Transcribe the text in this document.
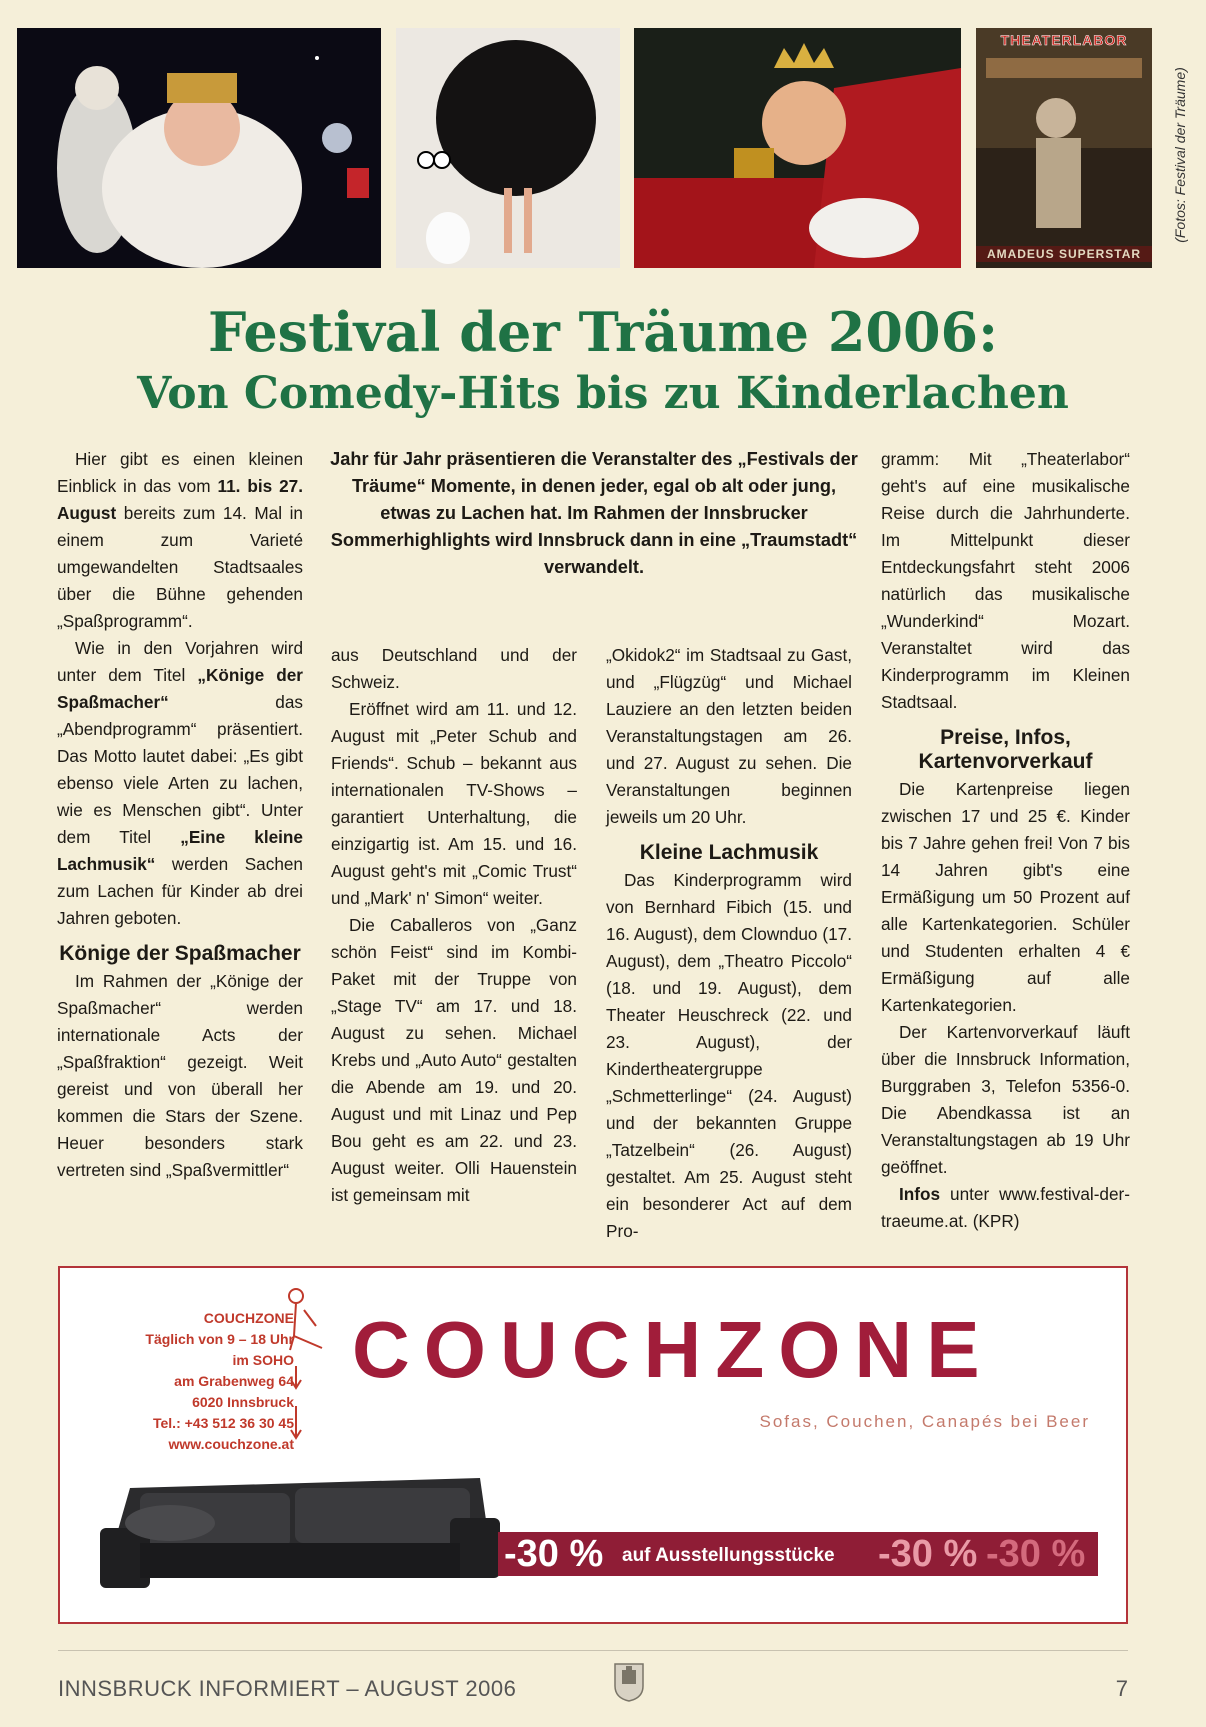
THEATERLABOR
AMADEUS SUPERSTAR
(Fotos: Festival der Träume)
Festival der Träume 2006:
Von Comedy-Hits bis zu Kinderlachen
Jahr für Jahr präsentieren die Veranstalter des „Festivals der Träume“ Momente, in denen jeder, egal ob alt oder jung, etwas zu Lachen hat. Im Rahmen der Innsbrucker Sommerhighlights wird Innsbruck dann in eine „Traumstadt“ verwandelt.

Hier gibt es einen kleinen Einblick in das vom 11. bis 27. August bereits zum 14. Mal in einem zum Varieté umgewandelten Stadtsaales über die Bühne gehenden „Spaßprogramm“.

Wie in den Vorjahren wird unter dem Titel „Könige der Spaßmacher“ das „Abendprogramm“ präsentiert. Das Motto lautet dabei: „Es gibt ebenso viele Arten zu lachen, wie es Menschen gibt“. Unter dem Titel „Eine kleine Lachmusik“ werden Sachen zum Lachen für Kinder ab drei Jahren geboten.

Könige der Spaßmacher

Im Rahmen der „Könige der Spaßmacher“ werden internationale Acts der „Spaßfraktion“ gezeigt. Weit gereist und von überall her kommen die Stars der Szene. Heuer besonders stark vertreten sind „Spaßvermittler“

aus Deutschland und der Schweiz.

Eröffnet wird am 11. und 12. August mit „Peter Schub and Friends“. Schub – bekannt aus internationalen TV-Shows – garantiert Unterhaltung, die einzigartig ist. Am 15. und 16. August geht's mit „Comic Trust“ und „Mark' n' Simon“ weiter.

Die Caballeros von „Ganz schön Feist“ sind im Kombi-Paket mit der Truppe von „Stage TV“ am 17. und 18. August zu sehen. Michael Krebs und „Auto Auto“ gestalten die Abende am 19. und 20. August und mit Linaz und Pep Bou geht es am 22. und 23. August weiter. Olli Hauenstein ist gemeinsam mit

„Okidok2“ im Stadtsaal zu Gast, und „Flügzüg“ und Michael Lauziere an den letzten beiden Veranstaltungstagen am 26. und 27. August zu sehen. Die Veranstaltungen beginnen jeweils um 20 Uhr.

Kleine Lachmusik

Das Kinderprogramm wird von Bernhard Fibich (15. und 16. August), dem Clownduo (17. August), dem „Theatro Piccolo“ (18. und 19. August), dem Theater Heuschreck (22. und 23. August), der Kindertheatergruppe „Schmetterlinge“ (24. August) und der bekannten Gruppe „Tatzelbein“ (26. August) gestaltet. Am 25. August steht ein besonderer Act auf dem Pro-

gramm: Mit „Theaterlabor“ geht's auf eine musikalische Reise durch die Jahrhunderte. Im Mittelpunkt dieser Entdeckungsfahrt steht 2006 natürlich das musikalische „Wunderkind“ Mozart. Veranstaltet wird das Kinderprogramm im Kleinen Stadtsaal.

Preise, Infos, Kartenvorverkauf

Die Kartenpreise liegen zwischen 17 und 25 €. Kinder bis 7 Jahre gehen frei! Von 7 bis 14 Jahren gibt's eine Ermäßigung um 50 Prozent auf alle Kartenkategorien. Schüler und Studenten erhalten 4 € Ermäßigung auf alle Kartenkategorien.

Der Kartenvorverkauf läuft über die Innsbruck Information, Burggraben 3, Telefon 5356-0. Die Abendkassa ist an Veranstaltungstagen ab 19 Uhr geöffnet.

Infos unter www.festival-der-traeume.at. (KPR)

COUCHZONE
Täglich von 9 – 18 Uhr
im SOHO
am Grabenweg 64
6020 Innsbruck
Tel.: +43 512 36 30 45
www.couchzone.at
COUCHZONE
Sofas, Couchen, Canapés bei Beer
-30 % auf Ausstellungsstücke -30 % -30 %
INNSBRUCK INFORMIERT – AUGUST 2006	7
